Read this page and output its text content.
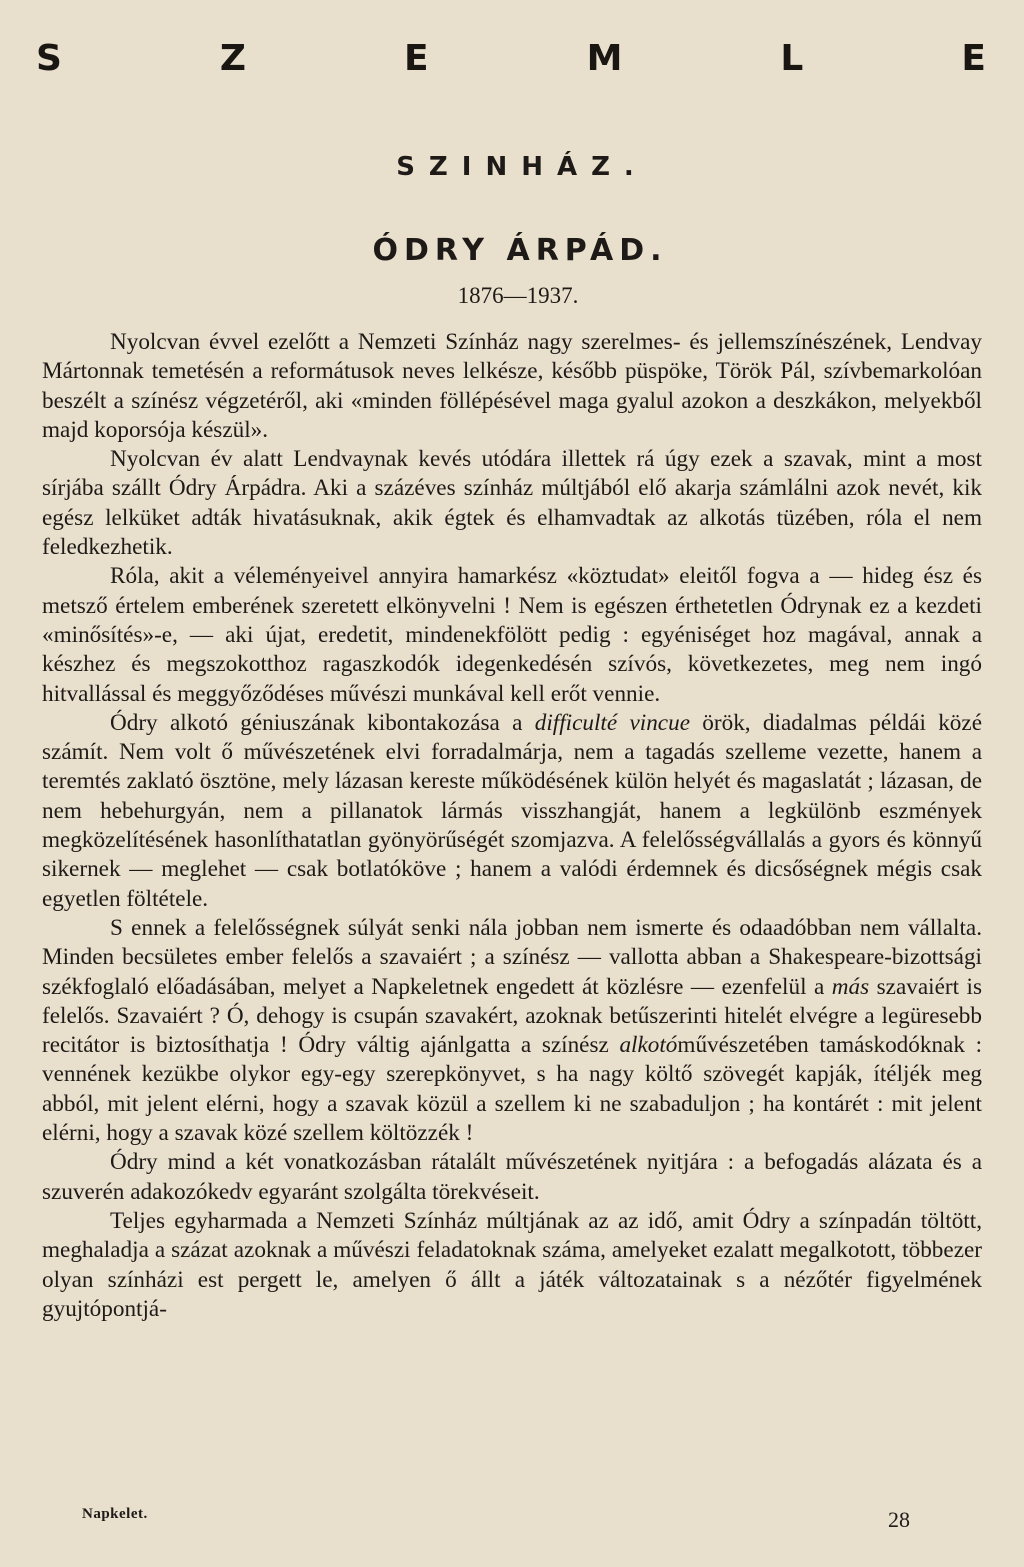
S	Z	E	M	L	E
SZINHÁZ.
ÓDRY ÁRPÁD.
1876—1937.

Nyolcvan évvel ezelőtt a Nemzeti Színház nagy szerelmes- és jellemszínészének, Lendvay Mártonnak temetésén a reformátusok neves lelkésze, később püspöke, Török Pál, szívbemarkolóan beszélt a színész végzetéről, aki «minden föllépésével maga gyalul azokon a deszkákon, melyekből majd koporsója készül».

Nyolcvan év alatt Lendvaynak kevés utódára illettek rá úgy ezek a szavak, mint a most sírjába szállt Ódry Árpádra. Aki a százéves színház múltjából elő akarja számlálni azok nevét, kik egész lelküket adták hivatásuknak, akik égtek és elhamvadtak az alkotás tüzében, róla el nem feledkezhetik.

Róla, akit a véleményeivel annyira hamarkész «köztudat» eleitől fogva a — hideg ész és metsző értelem emberének szeretett elkönyvelni ! Nem is egészen érthetetlen Ódrynak ez a kezdeti «minősítés»-e, — aki újat, eredetit, mindenekfölött pedig : egyéniséget hoz magával, annak a készhez és megszokotthoz ragaszkodók idegenkedésén szívós, következetes, meg nem ingó hitvallással és meggyőződéses művészi munkával kell erőt vennie.

Ódry alkotó géniuszának kibontakozása a difficulté vincue örök, diadalmas példái közé számít. Nem volt ő művészetének elvi forradalmárja, nem a tagadás szelleme vezette, hanem a teremtés zaklató ösztöne, mely lázasan kereste működésének külön helyét és magaslatát ; lázasan, de nem hebehurgyán, nem a pillanatok lármás visszhangját, hanem a legkülönb eszmények megközelítésének hasonlíthatatlan gyönyörűségét szomjazva. A felelősségvállalás a gyors és könnyű sikernek — meglehet — csak botlatóköve ; hanem a valódi érdemnek és dicsőségnek mégis csak egyetlen föltétele.

S ennek a felelősségnek súlyát senki nála jobban nem ismerte és odaadóbban nem vállalta. Minden becsületes ember felelős a szavaiért ; a színész — vallotta abban a Shakespeare-bizottsági székfoglaló előadásában, melyet a Napkeletnek engedett át közlésre — ezenfelül a más szavaiért is felelős. Szavaiért ? Ó, dehogy is csupán szavakért, azoknak betűszerinti hitelét elvégre a legüresebb recitátor is biztosíthatja ! Ódry váltig ajánlgatta a színész alkotóművészetében tamáskodóknak : vennének kezükbe olykor egy-egy szerepkönyvet, s ha nagy költő szövegét kapják, ítéljék meg abból, mit jelent elérni, hogy a szavak közül a szellem ki ne szabaduljon ; ha kontárét : mit jelent elérni, hogy a szavak közé szellem költözzék !

Ódry mind a két vonatkozásban rátalált művészetének nyitjára : a befogadás alázata és a szuverén adakozókedv egyaránt szolgálta törekvéseit.

Teljes egyharmada a Nemzeti Színház múltjának az az idő, amit Ódry a színpadán töltött, meghaladja a százat azoknak a művészi feladatoknak száma, amelyeket ezalatt megalkotott, többezer olyan színházi est pergett le, amelyen ő állt a játék változatainak s a nézőtér figyelmének gyujtópontjá-

Napkelet.	28
